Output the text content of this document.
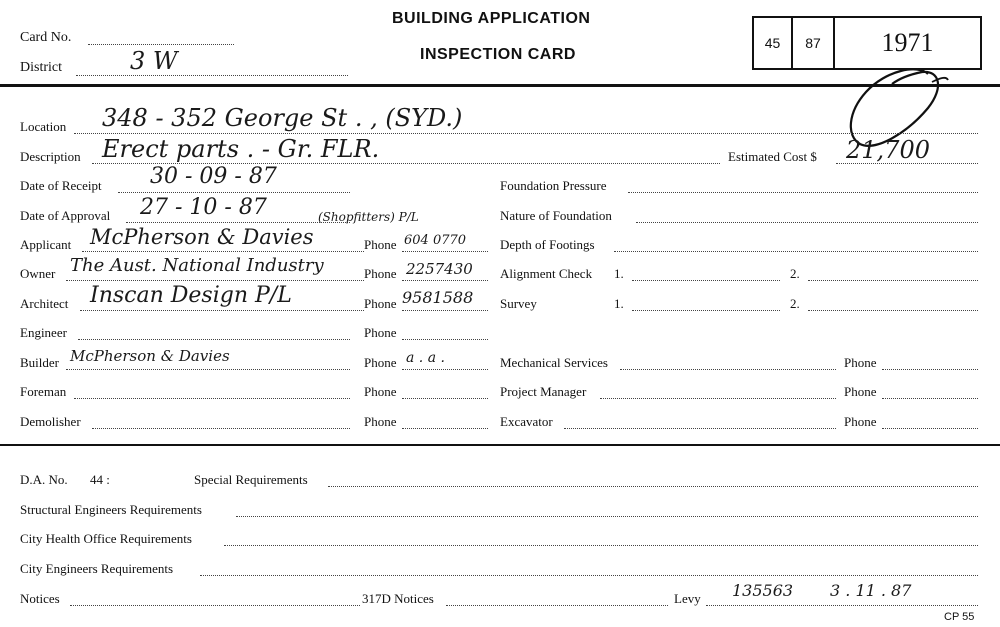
Card No.
District	3 W
BUILDING APPLICATION
INSPECTION CARD
45 87 1971
Location 348 - 352 George St . , (SYD.)
Description Erect parts . - Gr. FLR.	Estimated Cost $ 21,700
Date of Receipt 30 - 09 - 87
Date of Approval 27 - 10 - 87	(Shopfitters) P/L
Applicant McPherson & Davies	Phone 604 0770
Owner The Aust. National Industry	Phone 2257430
Architect Inscan Design P/L	Phone 9581588
Engineer	Phone
Builder McPherson & Davies	Phone a . a .
Foreman	Phone
Demolisher	Phone
Foundation Pressure
Nature of Foundation
Depth of Footings
Alignment Check 1.	2.
Survey	1.	2.
Mechanical Services	Phone
Project Manager	Phone
Excavator	Phone
D.A. No. 44 :	Special Requirements
Structural Engineers Requirements
City Health Office Requirements
City Engineers Requirements
Notices	317D Notices	Levy 135563 3 . 11 . 87
CP 55
